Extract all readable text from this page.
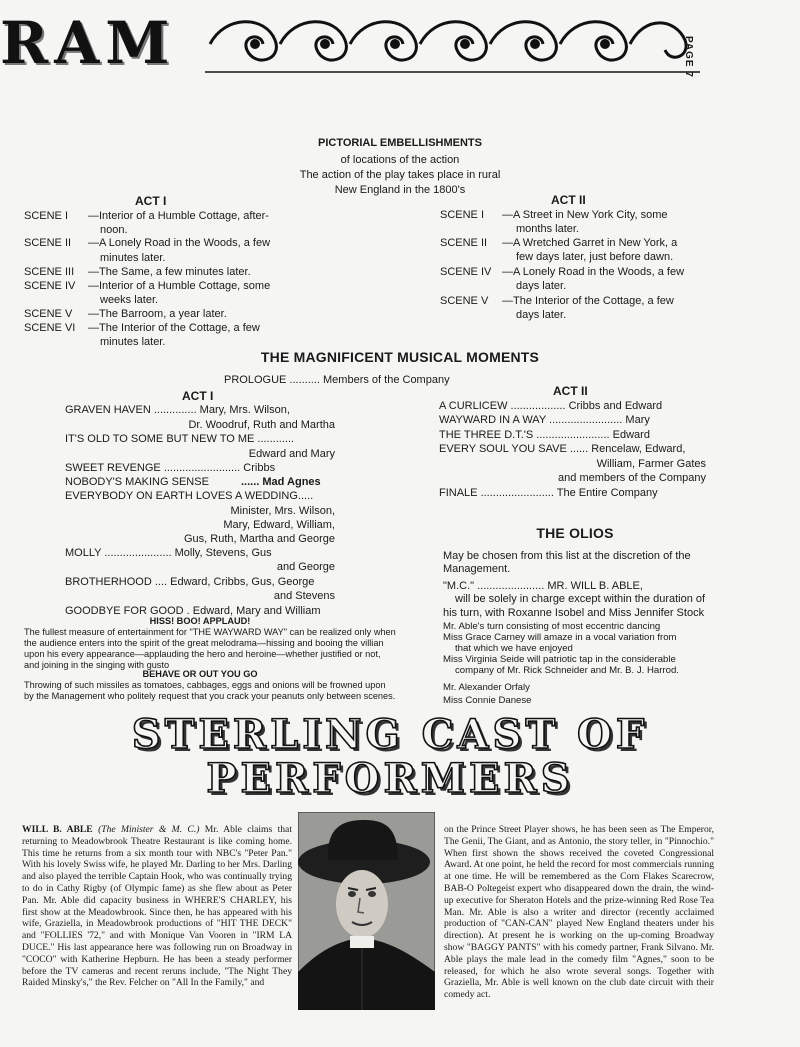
RAM	PAGE 7
PICTORIAL EMBELLISHMENTS
of locations of the action
The action of the play takes place in rural
New England in the 1800's
ACT I
SCENE I —Interior of a Humble Cottage, after-
noon.
SCENE II —A Lonely Road in the Woods, a few
minutes later.
SCENE III —The Same, a few minutes later.
SCENE IV —Interior of a Humble Cottage, some
weeks later.
SCENE V —The Barroom, a year later.
SCENE VI —The Interior of the Cottage, a few
minutes later.
ACT II
SCENE I —A Street in New York City, some
months later.
SCENE II —A Wretched Garret in New York, a
few days later, just before dawn.
SCENE IV —A Lonely Road in the Woods, a few
days later.
SCENE V —The Interior of the Cottage, a few
days later.
THE MAGNIFICENT MUSICAL MOMENTS
PROLOGUE .......... Members of the Company
ACT I	ACT II
GRAVEN HAVEN .............. Mary, Mrs. Wilson,
Dr. Woodruf, Ruth and Martha
IT'S OLD TO SOME BUT NEW TO ME ............
Edward and Mary
SWEET REVENGE ......................... Cribbs
NOBODY'S MAKING SENSE	...... Mad Agnes
EVERYBODY ON EARTH LOVES A WEDDING.....
Minister, Mrs. Wilson,
Mary, Edward, William,
Gus, Ruth, Martha and George
MOLLY ...................... Molly, Stevens, Gus
and George
BROTHERHOOD .... Edward, Cribbs, Gus, George
and Stevens
GOODBYE FOR GOOD . Edward, Mary and William
A CURLICEW .................. Cribbs and Edward
WAYWARD IN A WAY ........................ Mary
THE THREE D.T.'S ........................ Edward
EVERY SOUL YOU SAVE ...... Rencelaw, Edward,
William, Farmer Gates
and members of the Company
FINALE ........................ The Entire Company
HISS! BOO! APPLAUD!
The fullest measure of entertainment for "THE WAYWARD WAY" can be realized only when the audience enters into the spirit of the great melodrama—hissing and booing the villian upon his every appearance—applauding the hero and heroine—whether justified or not, and joining in the singing with gusto
BEHAVE OR OUT YOU GO
Throwing of such missiles as tomatoes, cabbages, eggs and onions will be frowned upon by the Management who politely request that you crack your peanuts only between scenes.
THE OLIOS
May be chosen from this list at the discretion of the Management.
"M.C." ...................... MR. WILL B. ABLE,
will be solely in charge except within the duration of his turn, with Roxanne Isobel and Miss Jennifer Stock
Mr. Able's turn consisting of most eccentric dancing
Miss Grace Carney will amaze in a vocal variation from
that which we have enjoyed
Miss Virginia Seide will patriotic tap in the considerable
company of Mr. Rick Schneider and Mr. B. J. Harrod.
Mr. Alexander Orfaly
Miss Connie Danese
STERLING CAST OF
PERFORMERS
WILL B. ABLE (The Minister & M. C.) Mr. Able claims that returning to Meadowbrook Theatre Restaurant is like coming home. This time he returns from a six month tour with NBC's "Peter Pan." With his lovely Swiss wife, he played Mr. Darling to her Mrs. Darling and also played the terrible Captain Hook, who was continually trying to do in Cathy Rigby (of Olympic fame) as she flew about as Peter Pan. Mr. Able did capacity business in WHERE'S CHARLEY, his first show at the Meadowbrook. Since then, he has appeared with his wife, Graziella, in Meadowbrook productions of "HIT THE DECK" and "FOLLIES '72," and with Monique Van Vooren in "IRM LA DUCE." His last appearance here was following run on Broadway in "COCO" with Katherine Hepburn. He has been a steady performer before the TV cameras and recent reruns include, "The Night They Raided Minsky's," the Rev. Felcher on "All In the Family," and
on the Prince Street Player shows, he has been seen as The Emperor, The Genii, The Giant, and as Antonio, the story teller, in "Pinnochio." When first shown the shows received the coveted Congressional Award. At one point, he held the record for most commercials running at one time. He will be remembered as the Corn Flakes Scarecrow, BAB-O Poltegeist expert who disappeared down the drain, the wind-up executive for Sheraton Hotels and the prize-winning Red Rose Tea Man. Mr. Able is also a writer and director (recently acclaimed production of "CAN-CAN" played New England theaters under his direction). At present he is working on the up-coming Broadway show "BAGGY PANTS" with his comedy partner, Frank Silvano. Mr. Able plays the male lead in the comedy film "Agnes," soon to be released, for which he also wrote several songs. Together with Graziella, Mr. Able is well known on the club date circuit with their comedy act.
